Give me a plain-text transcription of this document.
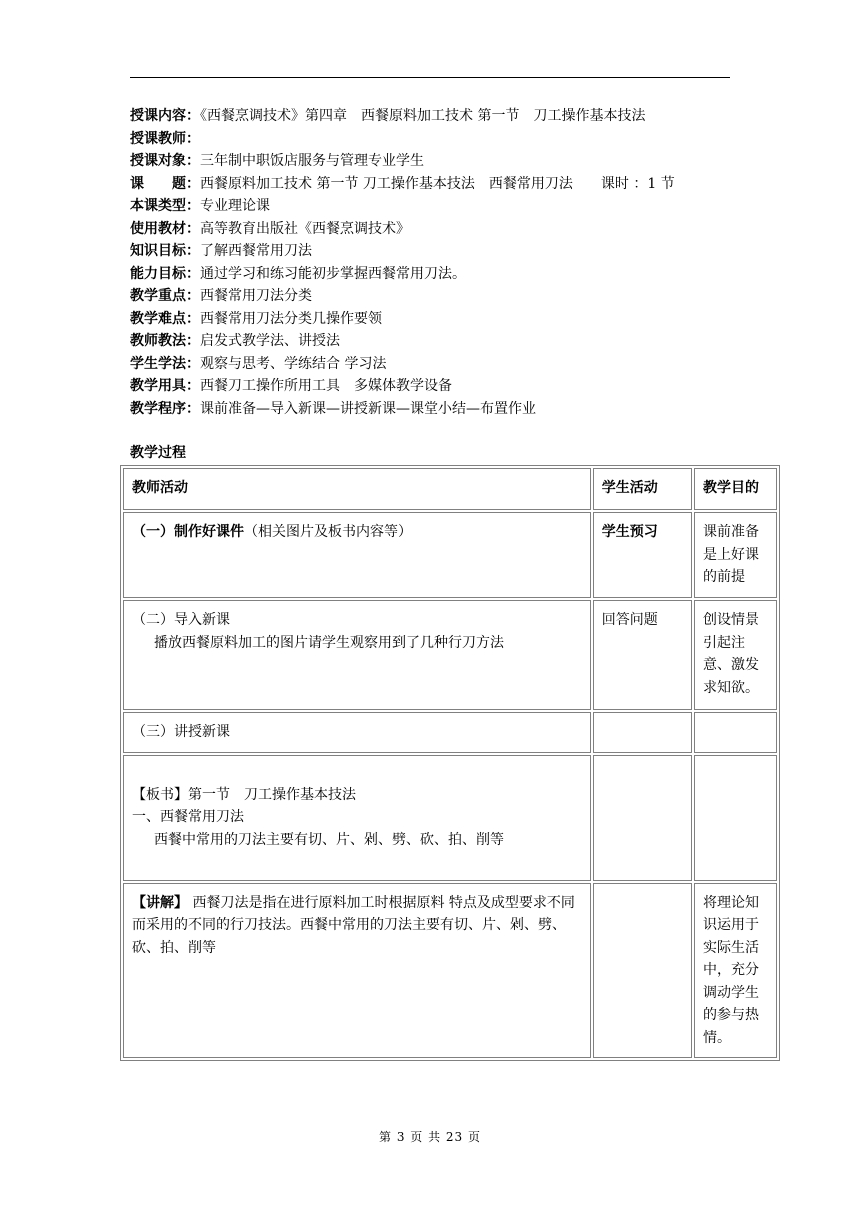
授课内容：《西餐烹调技术》第四章　西餐原料加工技术 第一节　刀工操作基本技法
授课教师：
授课对象：三年制中职饭店服务与管理专业学生
课　　题：西餐原料加工技术 第一节 刀工操作基本技法　西餐常用刀法　　课时 ：1 节
本课类型：专业理论课
使用教材：高等教育出版社《西餐烹调技术》
知识目标：了解西餐常用刀法
能力目标：通过学习和练习能初步掌握西餐常用刀法。
教学重点：西餐常用刀法分类
教学难点：西餐常用刀法分类几操作要领
教师教法：启发式教学法、讲授法
学生学法：观察与思考、学练结合 学习法
教学用具：西餐刀工操作所用工具　多媒体教学设备
教学程序：课前准备—导入新课—讲授新课—课堂小结—布置作业
教学过程
教师活动	学生活动	教学目的
（一）制作好课件（相关图片及板书内容等）	学生预习	课前准备是上好课的前提

（二）导入新课
播放西餐原料加工的图片请学生观察用到了几种行刀方法	回答问题	创设情景引起注意、激发求知欲。
（三）讲授新课		

【板书】第一节　刀工操作基本技法
一、西餐常用刀法
西餐中常用的刀法主要有切、片、剁、劈、砍、拍、削等		

【讲解】 西餐刀法是指在进行原料加工时根据原料 特点及成型要求不同而采用的不同的行刀技法。西餐中常用的刀法主要有切、片、剁、劈、砍、拍、削等		将理论知识运用于实际生活中，充分调动学生的参与热情。
第 3 页 共 23 页
